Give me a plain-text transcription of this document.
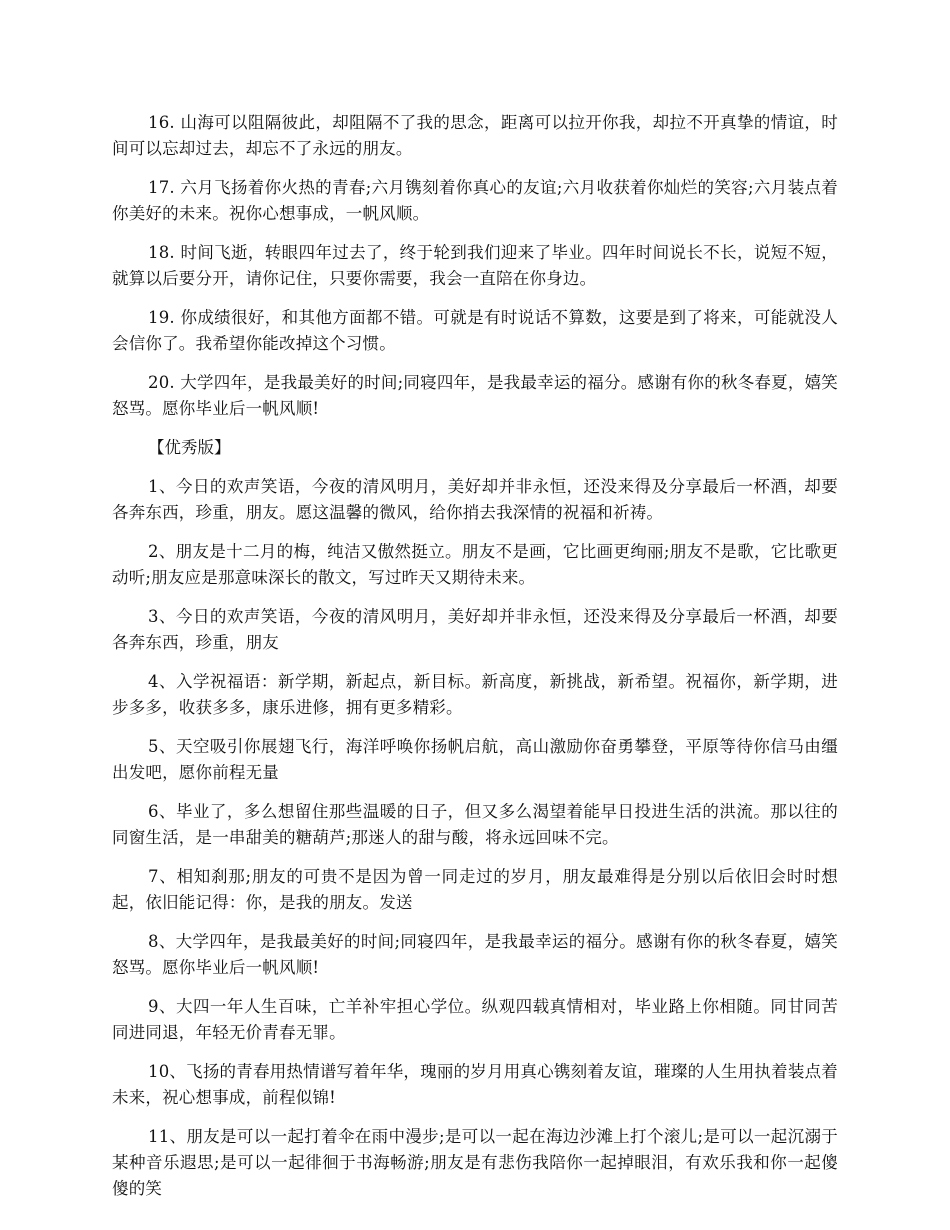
16. 山海可以阻隔彼此，却阻隔不了我的思念，距离可以拉开你我，却拉不开真挚的情谊，时间可以忘却过去，却忘不了永远的朋友。

17. 六月飞扬着你火热的青春;六月镌刻着你真心的友谊;六月收获着你灿烂的笑容;六月装点着你美好的未来。祝你心想事成，一帆风顺。

18. 时间飞逝，转眼四年过去了，终于轮到我们迎来了毕业。四年时间说长不长，说短不短，就算以后要分开，请你记住，只要你需要，我会一直陪在你身边。

19. 你成绩很好，和其他方面都不错。可就是有时说话不算数，这要是到了将来，可能就没人会信你了。我希望你能改掉这个习惯。

20. 大学四年，是我最美好的时间;同寝四年，是我最幸运的福分。感谢有你的秋冬春夏，嬉笑怒骂。愿你毕业后一帆风顺!

【优秀版】

1、今日的欢声笑语，今夜的清风明月，美好却并非永恒，还没来得及分享最后一杯酒，却要各奔东西，珍重，朋友。愿这温馨的微风，给你捎去我深情的祝福和祈祷。

2、朋友是十二月的梅，纯洁又傲然挺立。朋友不是画，它比画更绚丽;朋友不是歌，它比歌更动听;朋友应是那意味深长的散文，写过昨天又期待未来。

3、今日的欢声笑语，今夜的清风明月，美好却并非永恒，还没来得及分享最后一杯酒，却要各奔东西，珍重，朋友

4、入学祝福语：新学期，新起点，新目标。新高度，新挑战，新希望。祝福你，新学期，进步多多，收获多多，康乐进修，拥有更多精彩。

5、天空吸引你展翅飞行，海洋呼唤你扬帆启航，高山激励你奋勇攀登，平原等待你信马由缰 出发吧，愿你前程无量

6、毕业了，多么想留住那些温暖的日子，但又多么渴望着能早日投进生活的洪流。那以往的同窗生活，是一串甜美的糖葫芦;那迷人的甜与酸，将永远回味不完。

7、相知刹那;朋友的可贵不是因为曾一同走过的岁月，朋友最难得是分别以后依旧会时时想起，依旧能记得：你，是我的朋友。发送

8、大学四年，是我最美好的时间;同寝四年，是我最幸运的福分。感谢有你的秋冬春夏，嬉笑怒骂。愿你毕业后一帆风顺!

9、大四一年人生百味，亡羊补牢担心学位。纵观四载真情相对，毕业路上你相随。同甘同苦同进同退，年轻无价青春无罪。

10、飞扬的青春用热情谱写着年华，瑰丽的岁月用真心镌刻着友谊，璀璨的人生用执着装点着未来，祝心想事成，前程似锦!

11、朋友是可以一起打着伞在雨中漫步;是可以一起在海边沙滩上打个滚儿;是可以一起沉溺于某种音乐遐思;是可以一起徘徊于书海畅游;朋友是有悲伤我陪你一起掉眼泪，有欢乐我和你一起傻傻的笑
